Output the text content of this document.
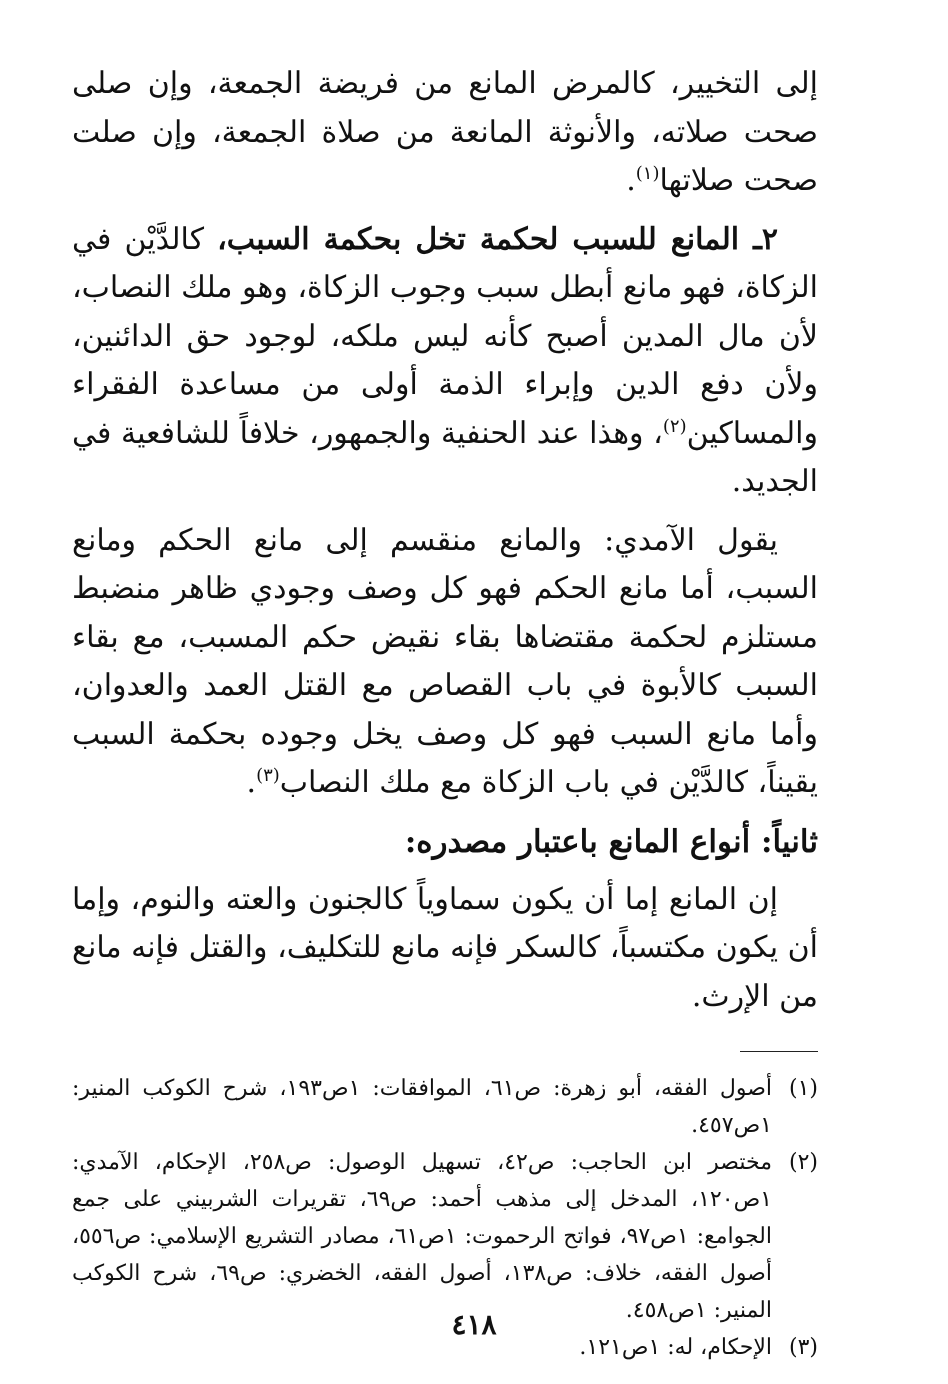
إلى التخيير، كالمرض المانع من فريضة الجمعة، وإن صلى صحت صلاته، والأنوثة المانعة من صلاة الجمعة، وإن صلت صحت صلاتها$^{(١)}$.

٢ـ المانع للسبب لحكمة تخل بحكمة السبب، كالدَّيْن في الزكاة، فهو مانع أبطل سبب وجوب الزكاة، وهو ملك النصاب، لأن مال المدين أصبح كأنه ليس ملكه، لوجود حق الدائنين، ولأن دفع الدين وإبراء الذمة أولى من مساعدة الفقراء والمساكين$^{(٢)}$، وهذا عند الحنفية والجمهور، خلافاً للشافعية في الجديد.

يقول الآمدي: والمانع منقسم إلى مانع الحكم ومانع السبب، أما مانع الحكم فهو كل وصف وجودي ظاهر منضبط مستلزم لحكمة مقتضاها بقاء نقيض حكم المسبب، مع بقاء السبب كالأبوة في باب القصاص مع القتل العمد والعدوان، وأما مانع السبب فهو كل وصف يخل وجوده بحكمة السبب يقيناً، كالدَّيْن في باب الزكاة مع ملك النصاب$^{(٣)}$.

ثانياً: أنواع المانع باعتبار مصدره:

إن المانع إما أن يكون سماوياً كالجنون والعته والنوم، وإما أن يكون مكتسباً، كالسكر فإنه مانع للتكليف، والقتل فإنه مانع من الإرث.

(١)
أصول الفقه، أبو زهرة: ص٦١، الموافقات: ١ص١٩٣، شرح الكوكب المنير: ١ص٤٥٧.
(٢)
مختصر ابن الحاجب: ص٤٢، تسهيل الوصول: ص٢٥٨، الإحكام، الآمدي: ١ص١٢٠، المدخل إلى مذهب أحمد: ص٦٩، تقريرات الشربيني على جمع الجوامع: ١ص٩٧، فواتح الرحموت: ١ص٦١، مصادر التشريع الإسلامي: ص٥٥٦، أصول الفقه، خلاف: ص١٣٨، أصول الفقه، الخضري: ص٦٩، شرح الكوكب المنير: ١ص٤٥٨.
(٣)
الإحكام، له: ١ص١٢١.
٤١٨
